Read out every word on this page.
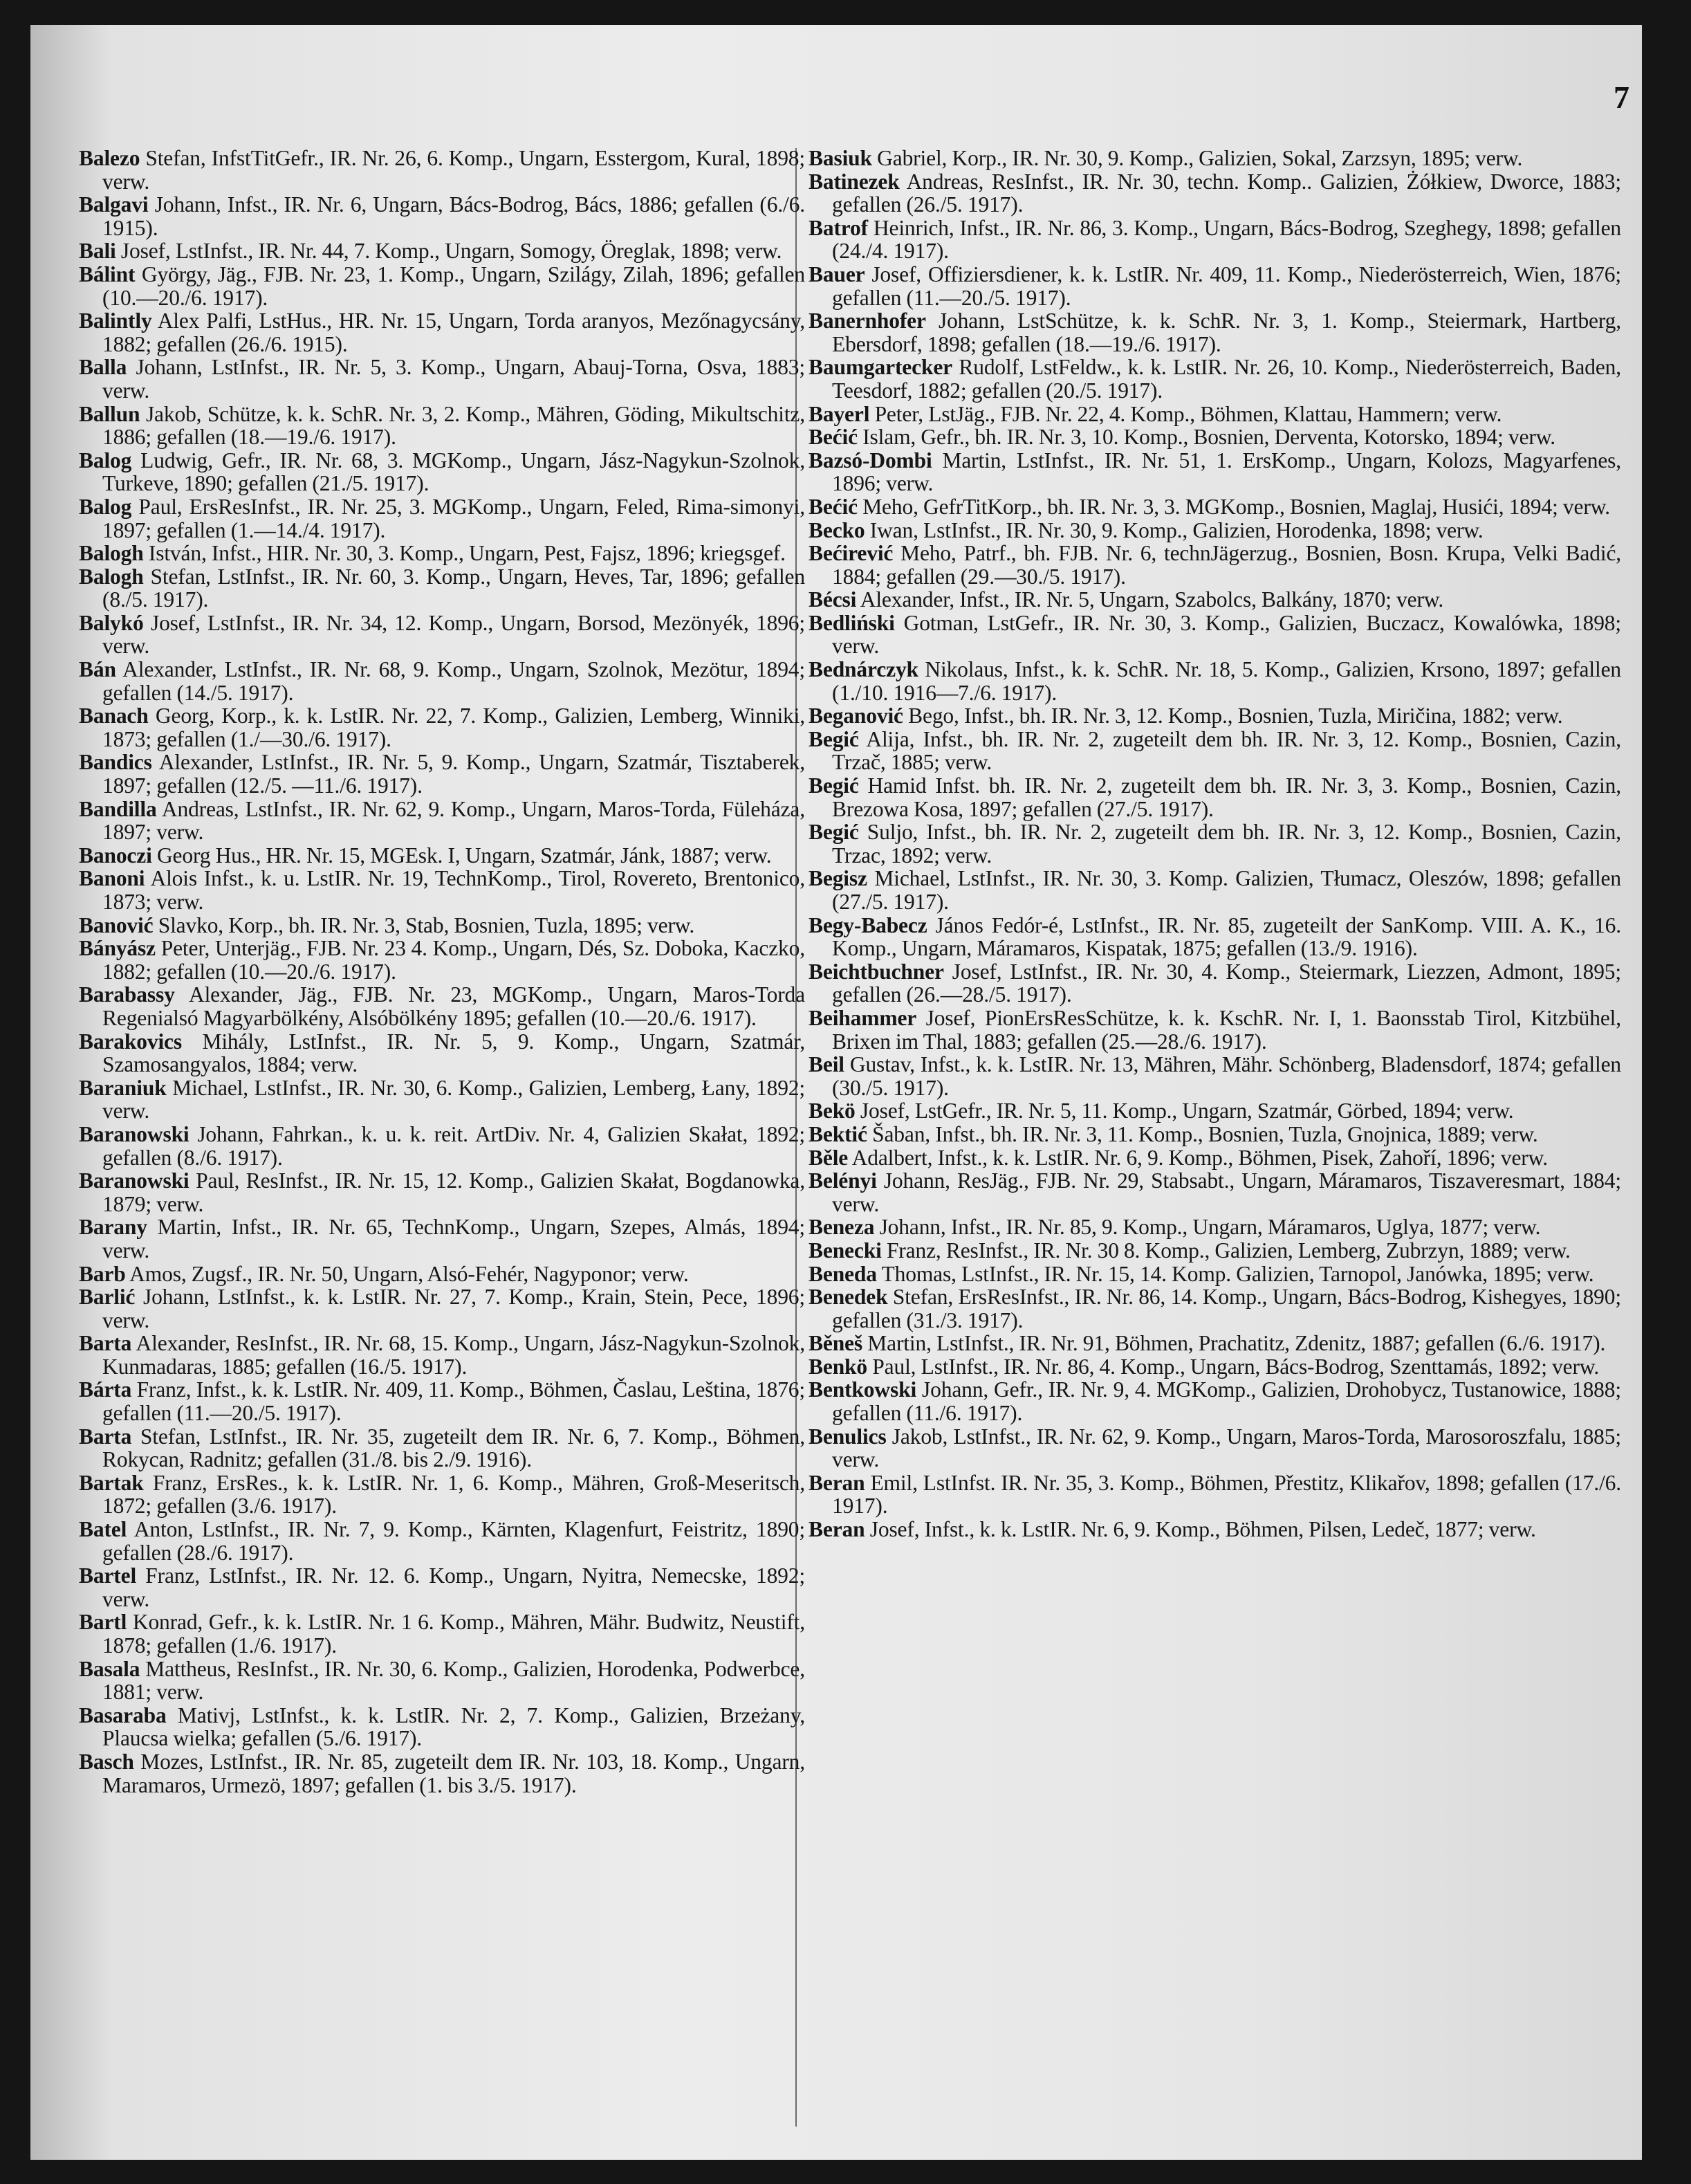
7

Balezo Stefan, InfstTitGefr., IR. Nr. 26, 6. Komp., Ungarn, Esstergom, Kural, 1898; verw.

Balgavi Johann, Infst., IR. Nr. 6, Ungarn, Bács-Bodrog, Bács, 1886; gefallen (6./6. 1915).

Bali Josef, LstInfst., IR. Nr. 44, 7. Komp., Ungarn, Somogy, Öreglak, 1898; verw.

Bálint György, Jäg., FJB. Nr. 23, 1. Komp., Ungarn, Szilágy, Zilah, 1896; gefallen (10.—20./6. 1917).

Balintly Alex Palfi, LstHus., HR. Nr. 15, Ungarn, Torda aranyos, Mezőnagycsány, 1882; gefallen (26./6. 1915).

Balla Johann, LstInfst., IR. Nr. 5, 3. Komp., Ungarn, Abauj-Torna, Osva, 1883; verw.

Ballun Jakob, Schütze, k. k. SchR. Nr. 3, 2. Komp., Mähren, Göding, Mikultschitz, 1886; gefallen (18.—19./6. 1917).

Balog Ludwig, Gefr., IR. Nr. 68, 3. MGKomp., Ungarn, Jász-Nagykun-Szolnok, Turkeve, 1890; gefallen (21./5. 1917).

Balog Paul, ErsResInfst., IR. Nr. 25, 3. MGKomp., Ungarn, Feled, Rima-simonyi, 1897; gefallen (1.—14./4. 1917).

Balogh István, Infst., HIR. Nr. 30, 3. Komp., Ungarn, Pest, Fajsz, 1896; kriegsgef.

Balogh Stefan, LstInfst., IR. Nr. 60, 3. Komp., Ungarn, Heves, Tar, 1896; gefallen (8./5. 1917).

Balykó Josef, LstInfst., IR. Nr. 34, 12. Komp., Ungarn, Borsod, Mezönyék, 1896; verw.

Bán Alexander, LstInfst., IR. Nr. 68, 9. Komp., Ungarn, Szolnok, Mezötur, 1894; gefallen (14./5. 1917).

Banach Georg, Korp., k. k. LstIR. Nr. 22, 7. Komp., Galizien, Lemberg, Winniki, 1873; gefallen (1./—30./6. 1917).

Bandics Alexander, LstInfst., IR. Nr. 5, 9. Komp., Ungarn, Szatmár, Tisztaberek, 1897; gefallen (12./5. —11./6. 1917).

Bandilla Andreas, LstInfst., IR. Nr. 62, 9. Komp., Ungarn, Maros-Torda, Füleháza, 1897; verw.

Banoczi Georg Hus., HR. Nr. 15, MGEsk. I, Ungarn, Szatmár, Jánk, 1887; verw.

Banoni Alois Infst., k. u. LstIR. Nr. 19, TechnKomp., Tirol, Rovereto, Brentonico, 1873; verw.

Banović Slavko, Korp., bh. IR. Nr. 3, Stab, Bosnien, Tuzla, 1895; verw.

Bányász Peter, Unterjäg., FJB. Nr. 23 4. Komp., Ungarn, Dés, Sz. Doboka, Kaczko, 1882; gefallen (10.—20./6. 1917).

Barabassy Alexander, Jäg., FJB. Nr. 23, MGKomp., Ungarn, Maros-Torda Regenialsó Magyarbölkény, Alsóbölkény 1895; gefallen (10.—20./6. 1917).

Barakovics Mihály, LstInfst., IR. Nr. 5, 9. Komp., Ungarn, Szatmár, Szamosangyalos, 1884; verw.

Baraniuk Michael, LstInfst., IR. Nr. 30, 6. Komp., Galizien, Lemberg, Łany, 1892; verw.

Baranowski Johann, Fahrkan., k. u. k. reit. ArtDiv. Nr. 4, Galizien Skałat, 1892; gefallen (8./6. 1917).

Baranowski Paul, ResInfst., IR. Nr. 15, 12. Komp., Galizien Skałat, Bogdanowka, 1879; verw.

Barany Martin, Infst., IR. Nr. 65, TechnKomp., Ungarn, Szepes, Almás, 1894; verw.

Barb Amos, Zugsf., IR. Nr. 50, Ungarn, Alsó-Fehér, Nagyponor; verw.

Barlić Johann, LstInfst., k. k. LstIR. Nr. 27, 7. Komp., Krain, Stein, Pece, 1896; verw.

Barta Alexander, ResInfst., IR. Nr. 68, 15. Komp., Ungarn, Jász-Nagykun-Szolnok, Kunmadaras, 1885; gefallen (16./5. 1917).

Bárta Franz, Infst., k. k. LstIR. Nr. 409, 11. Komp., Böhmen, Časlau, Leština, 1876; gefallen (11.—20./5. 1917).

Barta Stefan, LstInfst., IR. Nr. 35, zugeteilt dem IR. Nr. 6, 7. Komp., Böhmen, Rokycan, Radnitz; gefallen (31./8. bis 2./9. 1916).

Bartak Franz, ErsRes., k. k. LstIR. Nr. 1, 6. Komp., Mähren, Groß-Meseritsch, 1872; gefallen (3./6. 1917).

Batel Anton, LstInfst., IR. Nr. 7, 9. Komp., Kärnten, Klagenfurt, Feistritz, 1890; gefallen (28./6. 1917).

Bartel Franz, LstInfst., IR. Nr. 12. 6. Komp., Ungarn, Nyitra, Nemecske, 1892; verw.

Bartl Konrad, Gefr., k. k. LstIR. Nr. 1 6. Komp., Mähren, Mähr. Budwitz, Neustift, 1878; gefallen (1./6. 1917).

Basala Mattheus, ResInfst., IR. Nr. 30, 6. Komp., Galizien, Horodenka, Podwerbce, 1881; verw.

Basaraba Mativj, LstInfst., k. k. LstIR. Nr. 2, 7. Komp., Galizien, Brzeżany, Plaucsa wielka; gefallen (5./6. 1917).

Basch Mozes, LstInfst., IR. Nr. 85, zugeteilt dem IR. Nr. 103, 18. Komp., Ungarn, Maramaros, Urmezö, 1897; gefallen (1. bis 3./5. 1917).

Basiuk Gabriel, Korp., IR. Nr. 30, 9. Komp., Galizien, Sokal, Zarzsyn, 1895; verw.

Batinezek Andreas, ResInfst., IR. Nr. 30, techn. Komp.. Galizien, Żółkiew, Dworce, 1883; gefallen (26./5. 1917).

Batrof Heinrich, Infst., IR. Nr. 86, 3. Komp., Ungarn, Bács-Bodrog, Szeghegy, 1898; gefallen (24./4. 1917).

Bauer Josef, Offiziersdiener, k. k. LstIR. Nr. 409, 11. Komp., Niederösterreich, Wien, 1876; gefallen (11.—20./5. 1917).

Banernhofer Johann, LstSchütze, k. k. SchR. Nr. 3, 1. Komp., Steiermark, Hartberg, Ebersdorf, 1898; gefallen (18.—19./6. 1917).

Baumgartecker Rudolf, LstFeldw., k. k. LstIR. Nr. 26, 10. Komp., Niederösterreich, Baden, Teesdorf, 1882; gefallen (20./5. 1917).

Bayerl Peter, LstJäg., FJB. Nr. 22, 4. Komp., Böhmen, Klattau, Hammern; verw.

Bećić Islam, Gefr., bh. IR. Nr. 3, 10. Komp., Bosnien, Derventa, Kotorsko, 1894; verw.

Bazsó-Dombi Martin, LstInfst., IR. Nr. 51, 1. ErsKomp., Ungarn, Kolozs, Magyarfenes, 1896; verw.

Bećić Meho, GefrTitKorp., bh. IR. Nr. 3, 3. MGKomp., Bosnien, Maglaj, Husići, 1894; verw.

Becko Iwan, LstInfst., IR. Nr. 30, 9. Komp., Galizien, Horodenka, 1898; verw.

Bećirević Meho, Patrf., bh. FJB. Nr. 6, technJägerzug., Bosnien, Bosn. Krupa, Velki Badić, 1884; gefallen (29.—30./5. 1917).

Bécsi Alexander, Infst., IR. Nr. 5, Ungarn, Szabolcs, Balkány, 1870; verw.

Bedliński Gotman, LstGefr., IR. Nr. 30, 3. Komp., Galizien, Buczacz, Kowalówka, 1898; verw.

Bednárczyk Nikolaus, Infst., k. k. SchR. Nr. 18, 5. Komp., Galizien, Krsono, 1897; gefallen (1./10. 1916—7./6. 1917).

Beganović Bego, Infst., bh. IR. Nr. 3, 12. Komp., Bosnien, Tuzla, Miričina, 1882; verw.

Begić Alija, Infst., bh. IR. Nr. 2, zugeteilt dem bh. IR. Nr. 3, 12. Komp., Bosnien, Cazin, Trzač, 1885; verw.

Begić Hamid Infst. bh. IR. Nr. 2, zugeteilt dem bh. IR. Nr. 3, 3. Komp., Bosnien, Cazin, Brezowa Kosa, 1897; gefallen (27./5. 1917).

Begić Suljo, Infst., bh. IR. Nr. 2, zugeteilt dem bh. IR. Nr. 3, 12. Komp., Bosnien, Cazin, Trzac, 1892; verw.

Begisz Michael, LstInfst., IR. Nr. 30, 3. Komp. Galizien, Tłumacz, Oleszów, 1898; gefallen (27./5. 1917).

Begy-Babecz János Fedór-é, LstInfst., IR. Nr. 85, zugeteilt der SanKomp. VIII. A. K., 16. Komp., Ungarn, Máramaros, Kispatak, 1875; gefallen (13./9. 1916).

Beichtbuchner Josef, LstInfst., IR. Nr. 30, 4. Komp., Steiermark, Liezzen, Admont, 1895; gefallen (26.—28./5. 1917).

Beihammer Josef, PionErsResSchütze, k. k. KschR. Nr. I, 1. Baonsstab Tirol, Kitzbühel, Brixen im Thal, 1883; gefallen (25.—28./6. 1917).

Beil Gustav, Infst., k. k. LstIR. Nr. 13, Mähren, Mähr. Schönberg, Bladensdorf, 1874; gefallen (30./5. 1917).

Bekö Josef, LstGefr., IR. Nr. 5, 11. Komp., Ungarn, Szatmár, Görbed, 1894; verw.

Bektić Šaban, Infst., bh. IR. Nr. 3, 11. Komp., Bosnien, Tuzla, Gnojnica, 1889; verw.

Běle Adalbert, Infst., k. k. LstIR. Nr. 6, 9. Komp., Böhmen, Pisek, Zahoří, 1896; verw.

Belényi Johann, ResJäg., FJB. Nr. 29, Stabsabt., Ungarn, Máramaros, Tiszaveresmart, 1884; verw.

Beneza Johann, Infst., IR. Nr. 85, 9. Komp., Ungarn, Máramaros, Uglya, 1877; verw.

Benecki Franz, ResInfst., IR. Nr. 30 8. Komp., Galizien, Lemberg, Zubrzyn, 1889; verw.

Beneda Thomas, LstInfst., IR. Nr. 15, 14. Komp. Galizien, Tarnopol, Janówka, 1895; verw.

Benedek Stefan, ErsResInfst., IR. Nr. 86, 14. Komp., Ungarn, Bács-Bodrog, Kishegyes, 1890; gefallen (31./3. 1917).

Běneš Martin, LstInfst., IR. Nr. 91, Böhmen, Prachatitz, Zdenitz, 1887; gefallen (6./6. 1917).

Benkö Paul, LstInfst., IR. Nr. 86, 4. Komp., Ungarn, Bács-Bodrog, Szenttamás, 1892; verw.

Bentkowski Johann, Gefr., IR. Nr. 9, 4. MGKomp., Galizien, Drohobycz, Tustanowice, 1888; gefallen (11./6. 1917).

Benulics Jakob, LstInfst., IR. Nr. 62, 9. Komp., Ungarn, Maros-Torda, Marosoroszfalu, 1885; verw.

Beran Emil, LstInfst. IR. Nr. 35, 3. Komp., Böhmen, Přestitz, Klikařov, 1898; gefallen (17./6. 1917).

Beran Josef, Infst., k. k. LstIR. Nr. 6, 9. Komp., Böhmen, Pilsen, Ledeč, 1877; verw.
